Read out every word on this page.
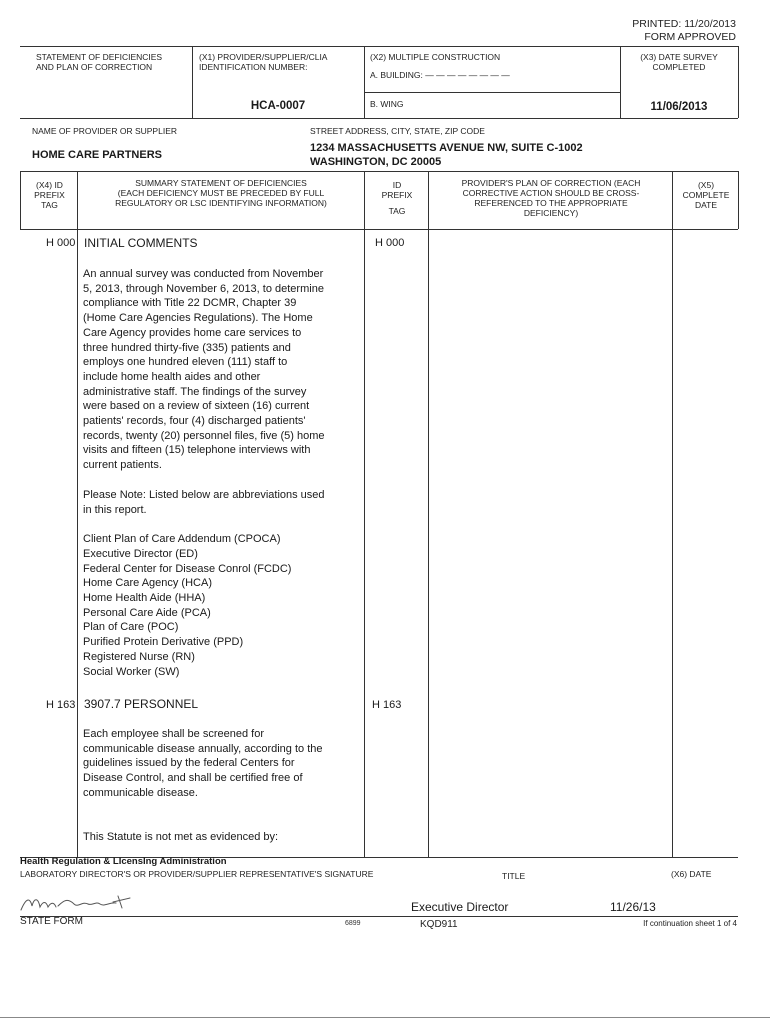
PRINTED: 11/20/2013
FORM APPROVED
STATEMENT OF DEFICIENCIES
AND PLAN OF CORRECTION
(X1) PROVIDER/SUPPLIER/CLIA
IDENTIFICATION NUMBER:
HCA-0007
(X2) MULTIPLE CONSTRUCTION
A. BUILDING: — — — — — — — —
B. WING
(X3) DATE SURVEY
COMPLETED
11/06/2013
NAME OF PROVIDER OR SUPPLIER
HOME CARE PARTNERS
STREET ADDRESS, CITY, STATE, ZIP CODE
1234 MASSACHUSETTS AVENUE NW, SUITE C-1002
WASHINGTON, DC 20005
(X4) ID
PREFIX
TAG
SUMMARY STATEMENT OF DEFICIENCIES
(EACH DEFICIENCY MUST BE PRECEDED BY FULL
REGULATORY OR LSC IDENTIFYING INFORMATION)
ID
PREFIX
TAG
PROVIDER'S PLAN OF CORRECTION (EACH
CORRECTIVE ACTION SHOULD BE CROSS-
REFERENCED TO THE APPROPRIATE
DEFICIENCY)
(X5)
COMPLETE
DATE
H 000 INITIAL COMMENTS	H 000
An annual survey was conducted from November
5, 2013, through November 6, 2013, to determine
compliance with Title 22 DCMR, Chapter 39
(Home Care Agencies Regulations). The Home
Care Agency provides home care services to
three hundred thirty-five (335) patients and
employs one hundred eleven (111) staff to
include home health aides and other
administrative staff. The findings of the survey
were based on a review of sixteen (16) current
patients' records, four (4) discharged patients'
records, twenty (20) personnel files, five (5) home
visits and fifteen (15) telephone interviews with
current patients.
Please Note: Listed below are abbreviations used
in this report.
Client Plan of Care Addendum (CPOCA)
Executive Director (ED)
Federal Center for Disease Conrol (FCDC)
Home Care Agency (HCA)
Home Health Aide (HHA)
Personal Care Aide (PCA)
Plan of Care (POC)
Purified Protein Derivative (PPD)
Registered Nurse (RN)
Social Worker (SW)
H 163 3907.7 PERSONNEL	H 163
Each employee shall be screened for
communicable disease annually, according to the
guidelines issued by the federal Centers for
Disease Control, and shall be certified free of
communicable disease.
This Statute is not met as evidenced by:
Health Regulation & LIcensIng Administration
LABORATORY DIRECTOR'S OR PROVIDER/SUPPLIER REPRESENTATIVE'S SIGNATURE	TITLE	(X6) DATE
Executive Director	11/26/13
STATE FORM	6899	KQD911	If continuation sheet 1 of 4
